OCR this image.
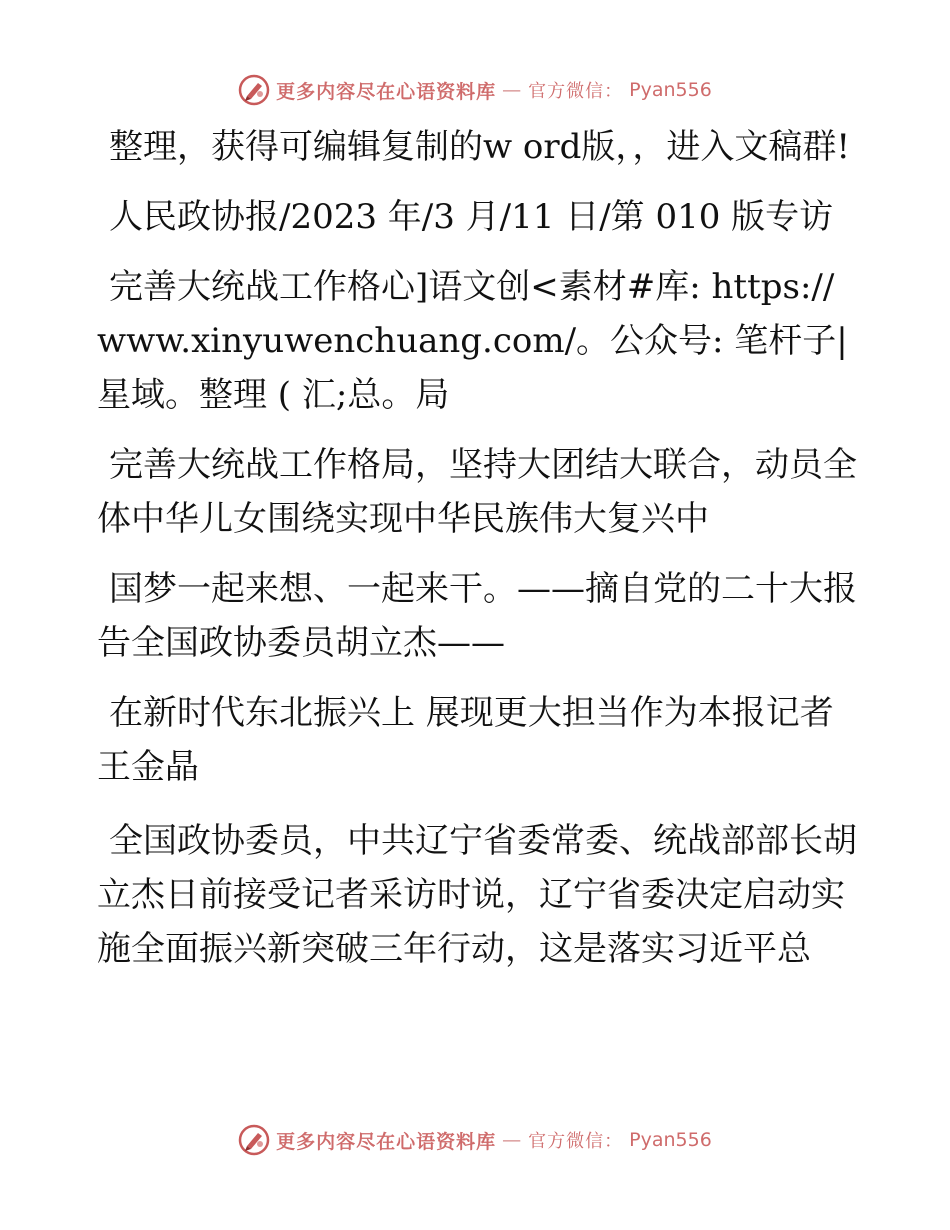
更多内容尽在心语资料库 — 官方微信： Pyan556

整理，获得可编辑复制的w ord版，，进入文稿群!

人民政协报/2023 年/3 月/11 日/第 010 版专访

完善大统战工作格心]语文创<素材#库: https://www.xinyuwenchuang.com/。公众号: 笔杆子|星域。整理 ( 汇;总。局

完善大统战工作格局，坚持大团结大联合，动员全体中华儿女围绕实现中华民族伟大复兴中

国梦一起来想、一起来干。——摘自党的二十大报告全国政协委员胡立杰——

在新时代东北振兴上 展现更大担当作为本报记者王金晶

全国政协委员，中共辽宁省委常委、统战部部长胡立杰日前接受记者采访时说，辽宁省委决定启动实施全面振兴新突破三年行动，这是落实习近平总

更多内容尽在心语资料库 — 官方微信： Pyan556
